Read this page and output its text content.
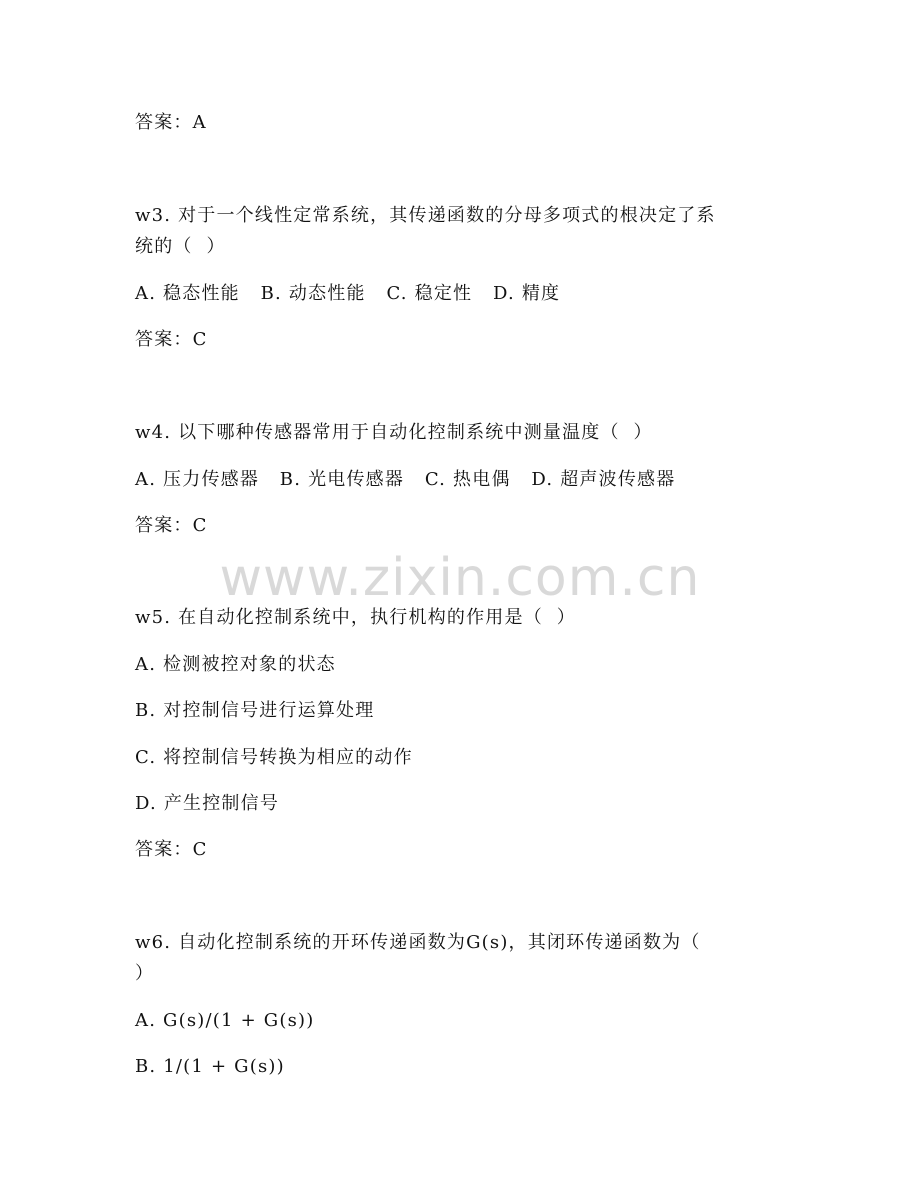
答案：A
w3. 对于一个线性定常系统，其传递函数的分母多项式的根决定了系
统的（  ）
A. 稳态性能   B. 动态性能   C. 稳定性   D. 精度
答案：C
w4. 以下哪种传感器常用于自动化控制系统中测量温度（  ）
A. 压力传感器   B. 光电传感器   C. 热电偶   D. 超声波传感器
答案：C
www.zixin.com.cn
w5. 在自动化控制系统中，执行机构的作用是（  ）
A. 检测被控对象的状态
B. 对控制信号进行运算处理
C. 将控制信号转换为相应的动作
D. 产生控制信号
答案：C
w6. 自动化控制系统的开环传递函数为G(s)，其闭环传递函数为（
）
A. G(s)/(1 + G(s))
B. 1/(1 + G(s))
